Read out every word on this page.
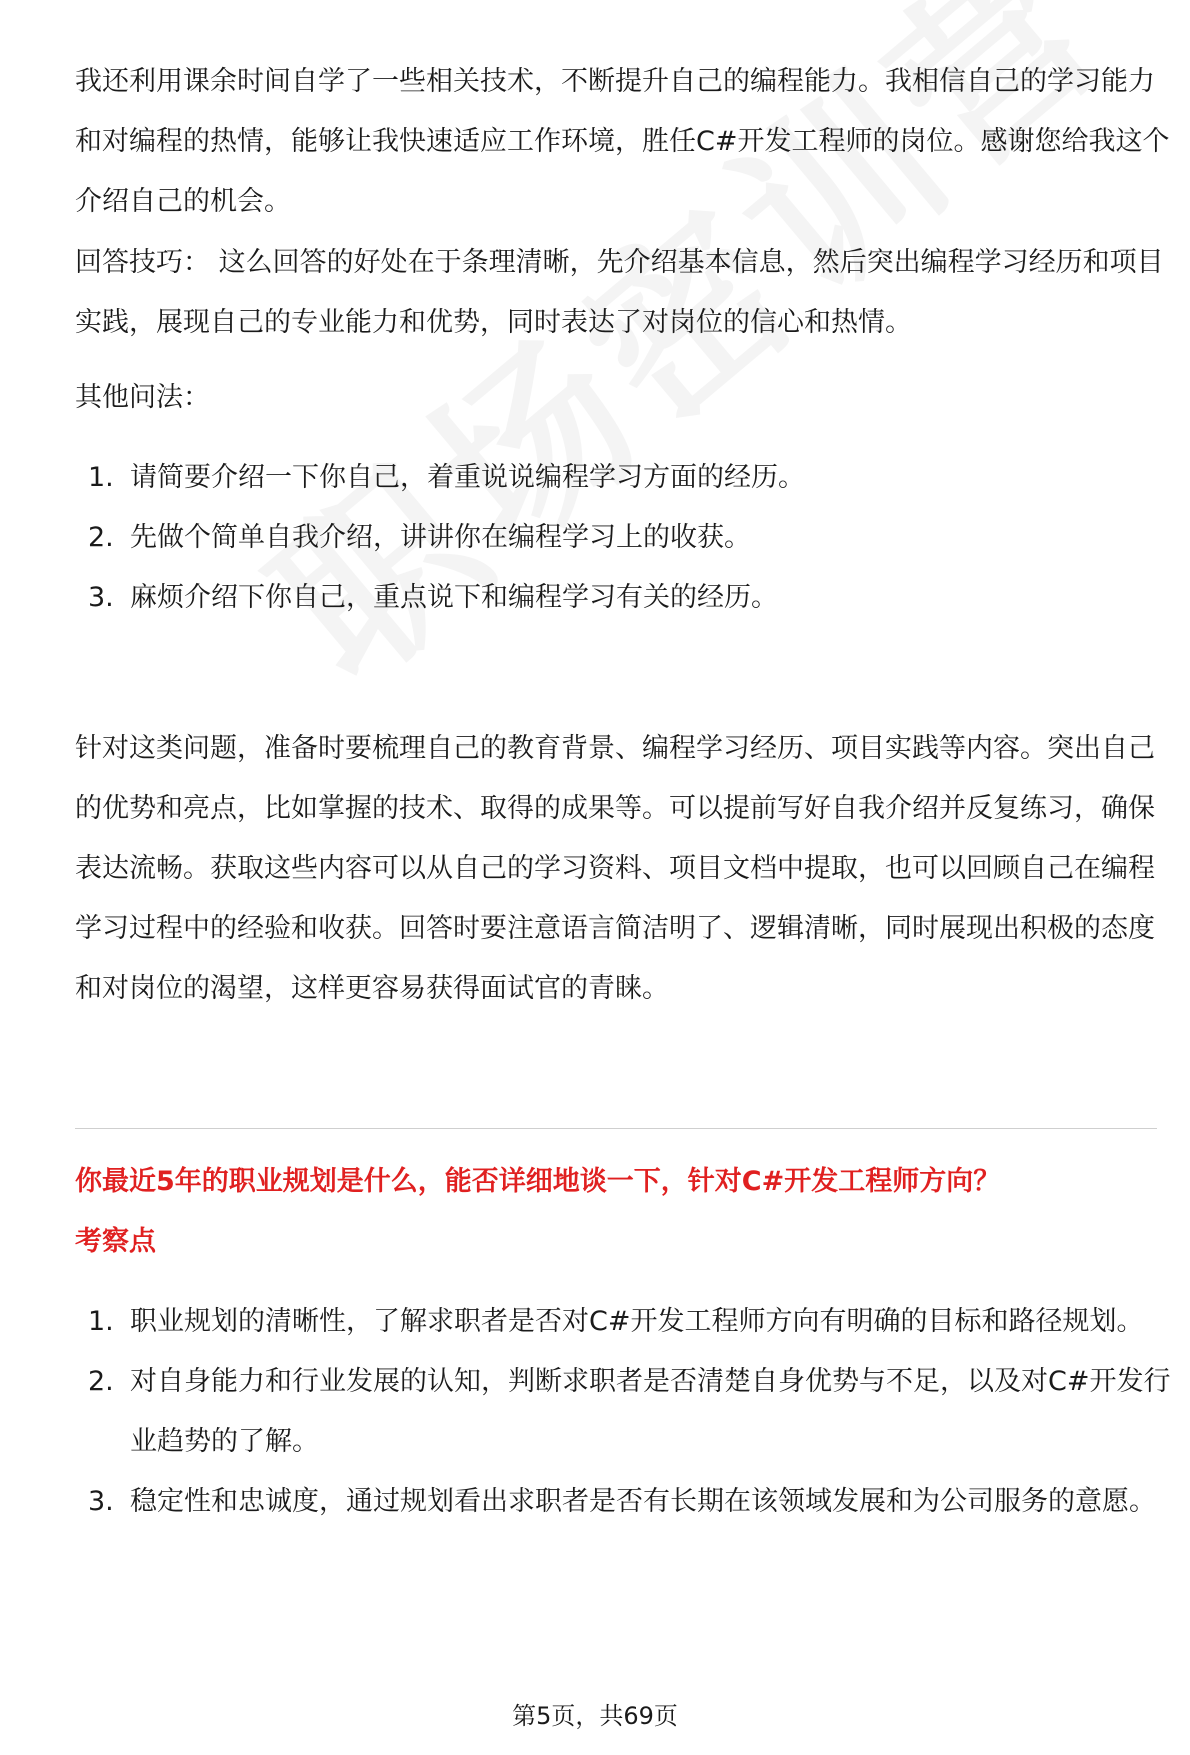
我还利用课余时间自学了一些相关技术，不断提升自己的编程能力。我相信自己的学习能力和对编程的热情，能够让我快速适应工作环境，胜任C#开发工程师的岗位。感谢您给我这个介绍自己的机会。

回答技巧： 这么回答的好处在于条理清晰，先介绍基本信息，然后突出编程学习经历和项目实践，展现自己的专业能力和优势，同时表达了对岗位的信心和热情。

其他问法：

1. 请简要介绍一下你自己，着重说说编程学习方面的经历。
2. 先做个简单自我介绍，讲讲你在编程学习上的收获。
3. 麻烦介绍下你自己，重点说下和编程学习有关的经历。

针对这类问题，准备时要梳理自己的教育背景、编程学习经历、项目实践等内容。突出自己的优势和亮点，比如掌握的技术、取得的成果等。可以提前写好自我介绍并反复练习，确保表达流畅。获取这些内容可以从自己的学习资料、项目文档中提取，也可以回顾自己在编程学习过程中的经验和收获。回答时要注意语言简洁明了、逻辑清晰，同时展现出积极的态度和对岗位的渴望，这样更容易获得面试官的青睐。

你最近5年的职业规划是什么，能否详细地谈一下，针对C#开发工程师方向？

考察点

1. 职业规划的清晰性，了解求职者是否对C#开发工程师方向有明确的目标和路径规划。
2. 对自身能力和行业发展的认知，判断求职者是否清楚自身优势与不足，以及对C#开发行业趋势的了解。
3. 稳定性和忠诚度，通过规划看出求职者是否有长期在该领域发展和为公司服务的意愿。
第5页，共69页
